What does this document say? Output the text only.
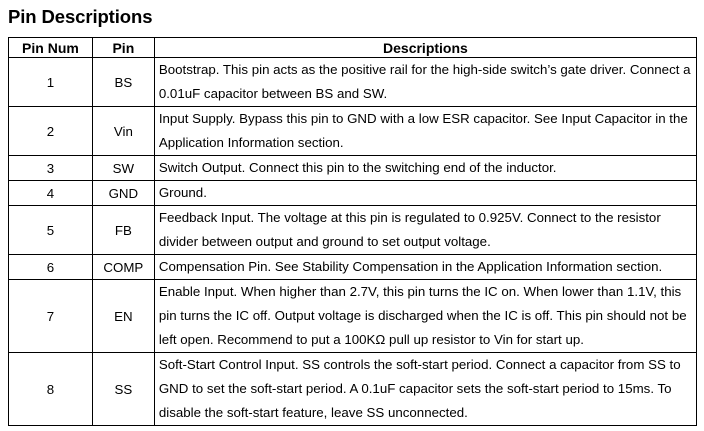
Pin Descriptions
Pin Num	Pin	Descriptions
1	BS	Bootstrap. This pin acts as the positive rail for the high-side switch’s gate driver. Connect a 0.01uF capacitor between BS and SW.
2	Vin	Input Supply. Bypass this pin to GND with a low ESR capacitor. See Input Capacitor in the Application Information section.
3	SW	Switch Output. Connect this pin to the switching end of the inductor.
4	GND	Ground.
5	FB	Feedback Input. The voltage at this pin is regulated to 0.925V. Connect to the resistor divider between output and ground to set output voltage.
6	COMP	Compensation Pin. See Stability Compensation in the Application Information section.
7	EN	Enable Input. When higher than 2.7V, this pin turns the IC on. When lower than 1.1V, this pin turns the IC off. Output voltage is discharged when the IC is off. This pin should not be left open. Recommend to put a 100KΩ pull up resistor to Vin for start up.
8	SS	Soft-Start Control Input. SS controls the soft-start period. Connect a capacitor from SS to GND to set the soft-start period. A 0.1uF capacitor sets the soft-start period to 15ms. To disable the soft-start feature, leave SS unconnected.
